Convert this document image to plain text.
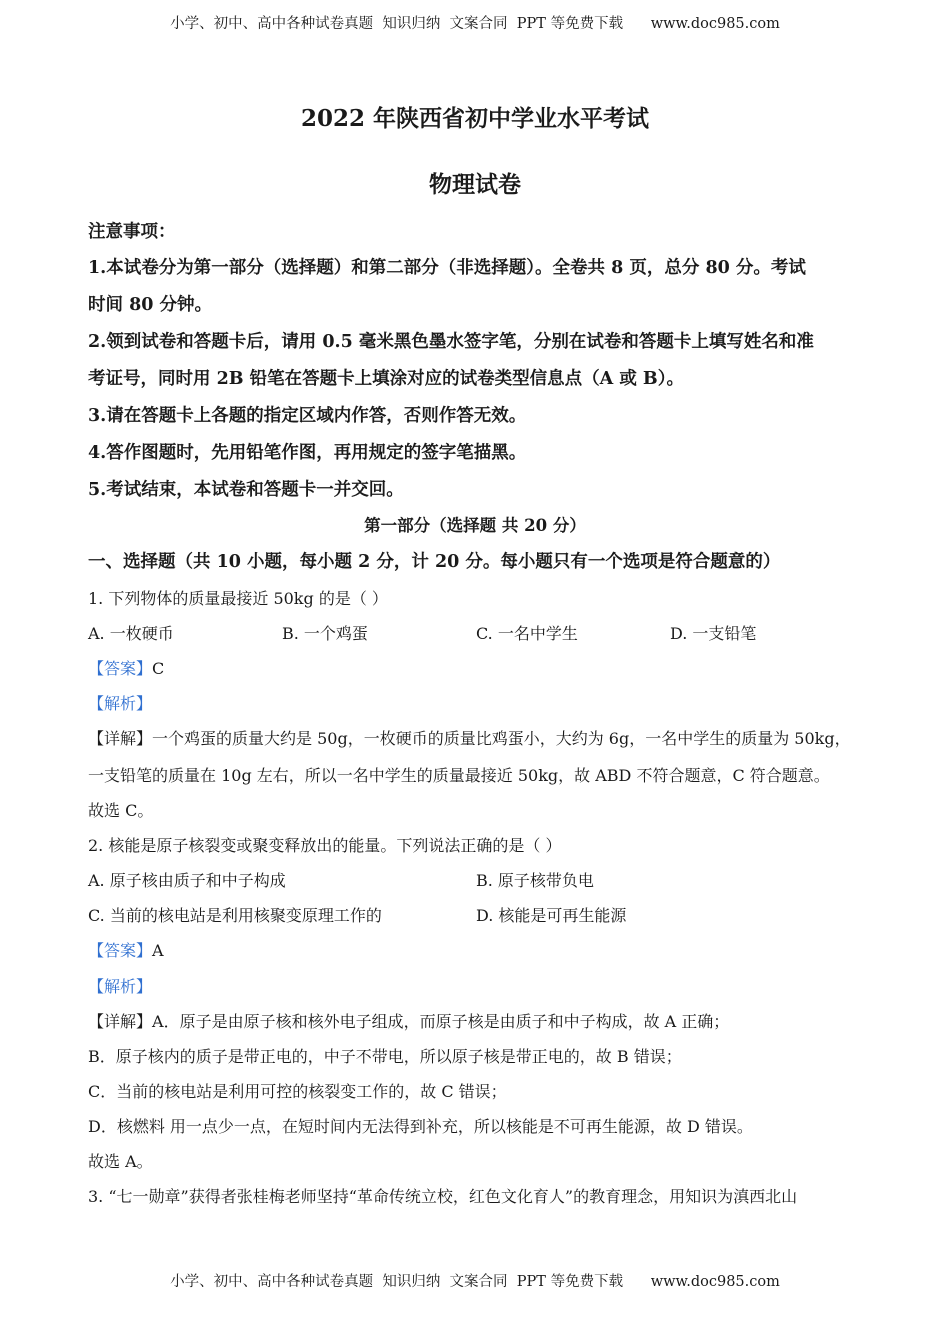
小学、初中、高中各种试卷真题  知识归纳  文案合同  PPT 等免费下载      www.doc985.com
2022 年陕西省初中学业水平考试
物理试卷
注意事项：
1.本试卷分为第一部分（选择题）和第二部分（非选择题）。全卷共 8 页，总分 80 分。考试
时间 80 分钟。
2.领到试卷和答题卡后，请用 0.5 毫米黑色墨水签字笔，分别在试卷和答题卡上填写姓名和准
考证号，同时用 2B 铅笔在答题卡上填涂对应的试卷类型信息点（A 或 B）。
3.请在答题卡上各题的指定区域内作答，否则作答无效。
4.答作图题时，先用铅笔作图，再用规定的签字笔描黑。
5.考试结束，本试卷和答题卡一并交回。
第一部分（选择题 共 20 分）
一、选择题（共 10 小题，每小题 2 分，计 20 分。每小题只有一个选项是符合题意的）
1. 下列物体的质量最接近 50kg 的是（ ）
A. 一枚硬币	B. 一个鸡蛋	C. 一名中学生	D. 一支铅笔
【答案】C
【解析】
【详解】一个鸡蛋的质量大约是 50g，一枚硬币的质量比鸡蛋小，大约为 6g，一名中学生的质量为 50kg，
一支铅笔的质量在 10g 左右，所以一名中学生的质量最接近 50kg，故 ABD 不符合题意，C 符合题意。
故选 C。
2. 核能是原子核裂变或聚变释放出的能量。下列说法正确的是（ ）
A. 原子核由质子和中子构成	B. 原子核带负电
C. 当前的核电站是利用核聚变原理工作的	D. 核能是可再生能源
【答案】A
【解析】
【详解】A．原子是由原子核和核外电子组成，而原子核是由质子和中子构成，故 A 正确；
B．原子核内的质子是带正电的，中子不带电，所以原子核是带正电的，故 B 错误；
C．当前的核电站是利用可控的核裂变工作的，故 C 错误；
D．核燃料 用一点少一点，在短时间内无法得到补充，所以核能是不可再生能源，故 D 错误。
故选 A。
3. “七一勋章”获得者张桂梅老师坚持“革命传统立校，红色文化育人”的教育理念，用知识为滇西北山
小学、初中、高中各种试卷真题  知识归纳  文案合同  PPT 等免费下载      www.doc985.com
